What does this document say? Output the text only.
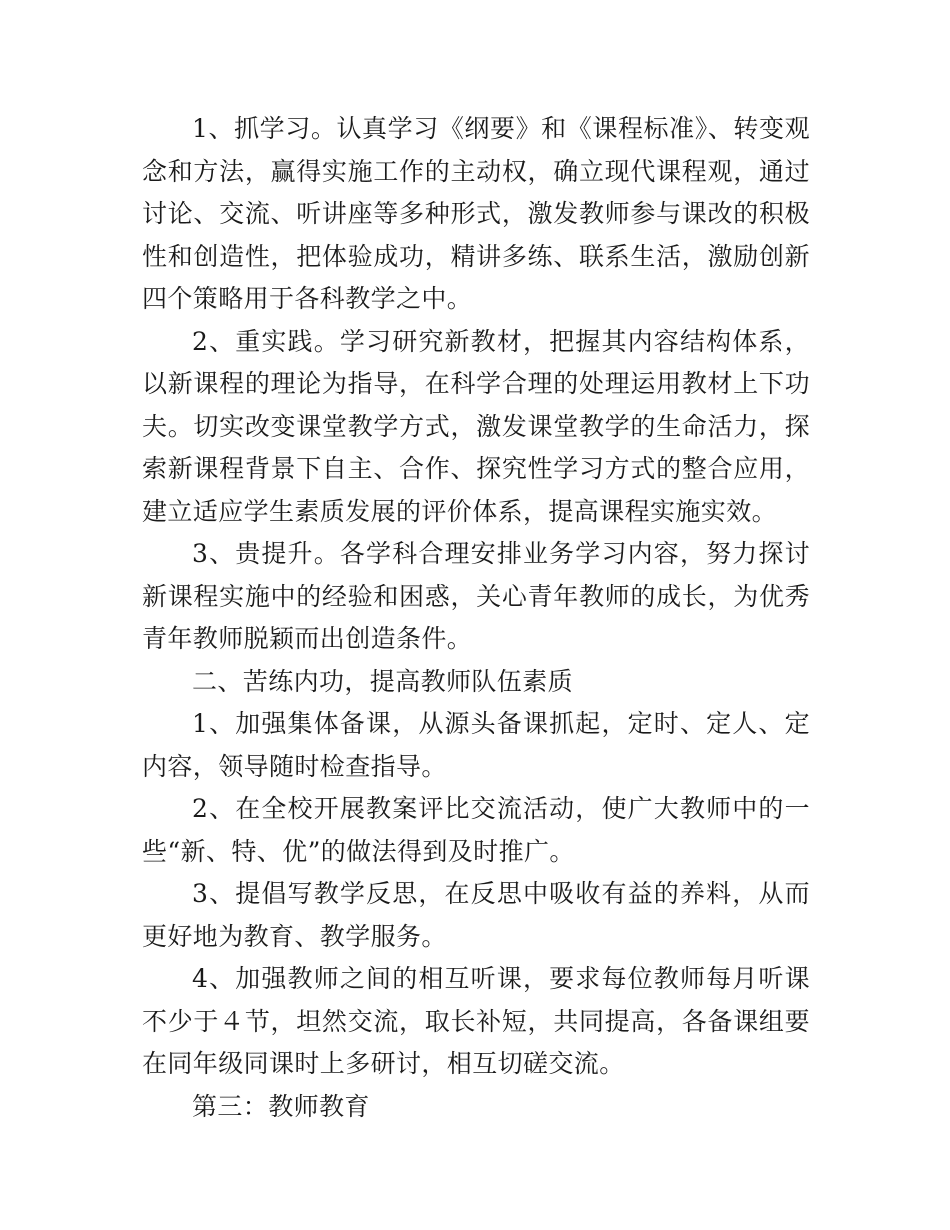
1、抓学习。认真学习《纲要》和《课程标准》、转变观念和方法，赢得实施工作的主动权，确立现代课程观，通过讨论、交流、听讲座等多种形式，激发教师参与课改的积极性和创造性，把体验成功，精讲多练、联系生活，激励创新四个策略用于各科教学之中。

2、重实践。学习研究新教材，把握其内容结构体系，以新课程的理论为指导，在科学合理的处理运用教材上下功夫。切实改变课堂教学方式，激发课堂教学的生命活力，探索新课程背景下自主、合作、探究性学习方式的整合应用，建立适应学生素质发展的评价体系，提高课程实施实效。

3、贵提升。各学科合理安排业务学习内容，努力探讨新课程实施中的经验和困惑，关心青年教师的成长，为优秀青年教师脱颖而出创造条件。

二、苦练内功，提高教师队伍素质

1、加强集体备课，从源头备课抓起，定时、定人、定内容，领导随时检查指导。

2、在全校开展教案评比交流活动，使广大教师中的一些“新、特、优”的做法得到及时推广。

3、提倡写教学反思，在反思中吸收有益的养料，从而更好地为教育、教学服务。

4、加强教师之间的相互听课，要求每位教师每月听课不少于４节，坦然交流，取长补短，共同提高，各备课组要在同年级同课时上多研讨，相互切磋交流。

第三：教师教育
